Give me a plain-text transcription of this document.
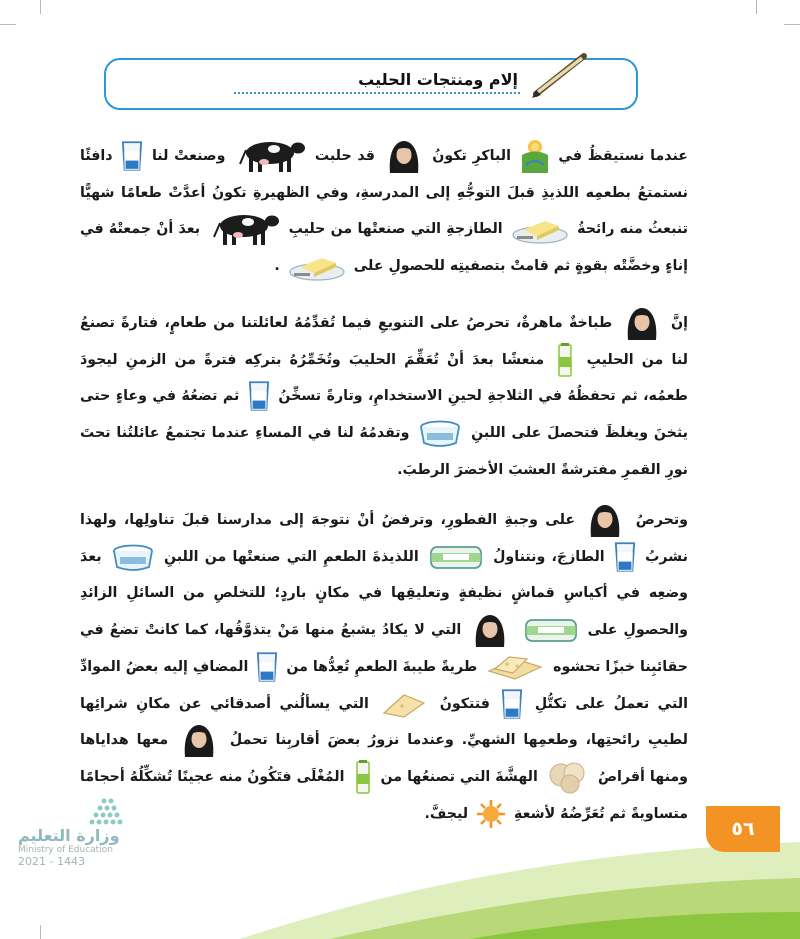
إلام ومنتجات الحليب

عندما نستيقظُ في  الباكرِ تكونُ  قد حلبت  وصنعتْ لنا  دافئًا نستمتعُ بطعمِه اللذيذِ قبلَ التوجُّهِ إلى المدرسةِ، وفي الظهيرةِ تكونُ أعدَّتْ طعامًا شهيًّا تنبعثُ منه رائحةُ  الطازجةِ التي صنعتْها من حليبِ  بعدَ أنْ جمعتْهُ في إناءٍ وخضَّتْه بقوةٍ ثم قامتْ بتصفيتِه للحصولِ على  .

إنَّ  طباخةٌ ماهرةٌ، تحرصُ على التنويعِ فيما تُقدِّمُهُ لعائلتنا من طعامٍ، فتارةً تصنعُ لنا من الحليبِ  منعشًا بعدَ أنْ تُعَقِّمَ الحليبَ وتُخَمِّرُهُ بتركِه فترةً من الزمنِ ليجودَ طعمُه، ثم تحفظُهُ في الثلاجةِ لحينِ الاستخدامِ، وتارةً تسخِّنُ  ثم تضعُهُ في وعاءٍ حتى يثخنَ ويغلظَ فتحصلَ على اللبنِ  وتقدمُهُ لنا في المساءِ عندما تجتمعُ عائلتُنا تحتَ نورِ القمرِ مفترشةً العشبَ الأخضرَ الرطبَ.

وتحرصُ  على وجبةِ الفطورِ، وترفضُ أنْ نتوجهَ إلى مدارسنا قبلَ تناولِها، ولهذا نشربُ  الطازجَ، ونتناولُ  اللذيذةَ الطعمِ التي صنعتْها من اللبنِ  بعدَ وضعِه في أكياسِ قماشٍ نظيفةٍ وتعليقِها في مكانٍ باردٍ؛ للتخلصِ من السائلِ الزائدِ والحصولِ على   التي لا يكادُ يشبعُ منها مَنْ يتذوَّقُها، كما كانتْ تضعُ في حقائبِنا خبزًا تحشوه  طريةً طيبةَ الطعمِ تُعِدُّها من  المضافِ إليه بعضُ الموادِّ التي تعملُ على تكتُّلِ  فتتكونُ  التي يسألُني أصدقائي عن مكانِ شرائِها لطيبِ رائحتِها، وطعمِها الشهيِّ. وعندما نزورُ بعضَ أقاربِنا تحملُ  معها هداياها ومنها أقراصُ  الهشَّةَ التي تصنعُها من  المُغْلَى فتَكُونُ منه عجينًا تُشكِّلُهُ أحجامًا متساويةً ثم تُعَرِّضُهُ لأشعةِ  ليجفَّ.

٥٦
وزارة التعليم
Ministry of Education
2021 - 1443
